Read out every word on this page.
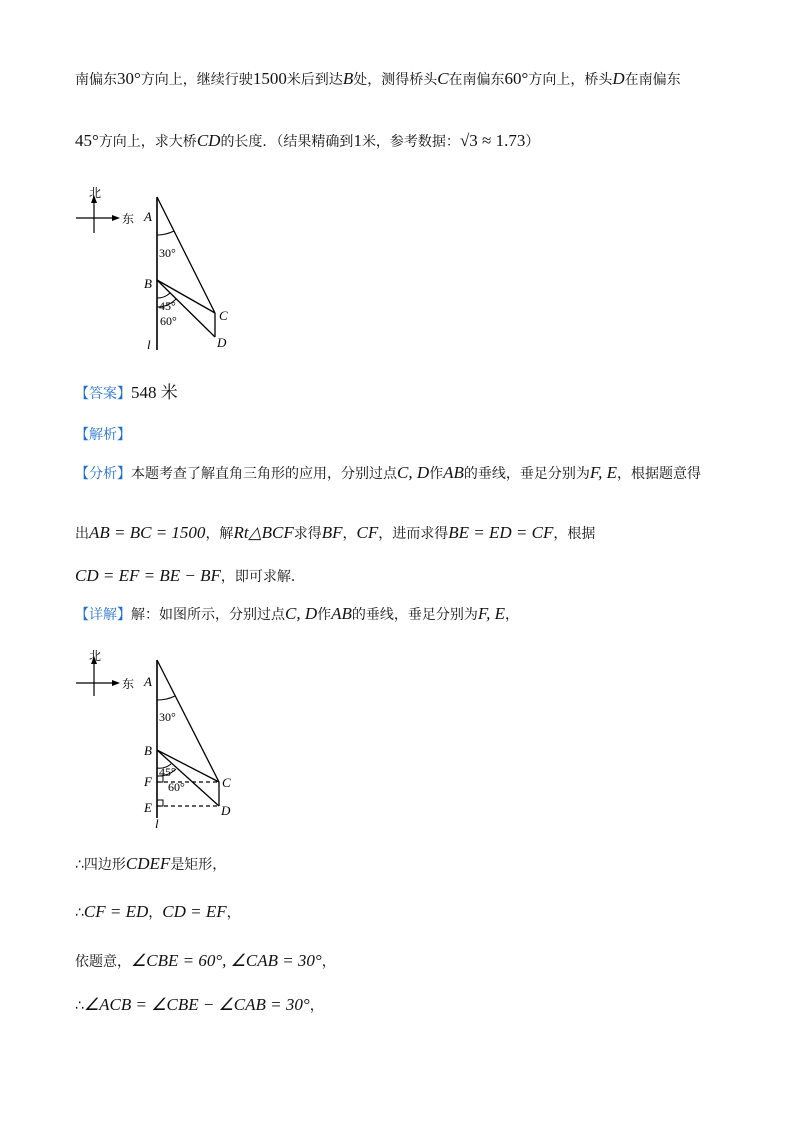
南偏东30°方向上，继续行驶1500米后到达B处，测得桥头C在南偏东60°方向上，桥头D在南偏东
45°方向上，求大桥CD的长度．（结果精确到1米，参考数据：√3 ≈ 1.73）
北
东 A
B
C
D
l
30°
45°
60°
【答案】548 米
【解析】
【分析】本题考查了解直角三角形的应用，分别过点C, D作AB的垂线，垂足分别为F, E，根据题意得
出AB = BC = 1500，解Rt△BCF求得BF，CF，进而求得BE = ED = CF，根据
CD = EF = BE − BF，即可求解．
【详解】解：如图所示，分别过点C, D作AB的垂线，垂足分别为F, E，
北
东 A
B
C
D
F
E
l
30°
45°
60°
∴四边形CDEF是矩形，
∴CF = ED，CD = EF，
依题意，∠CBE = 60°, ∠CAB = 30°，
∴∠ACB = ∠CBE − ∠CAB = 30°，
